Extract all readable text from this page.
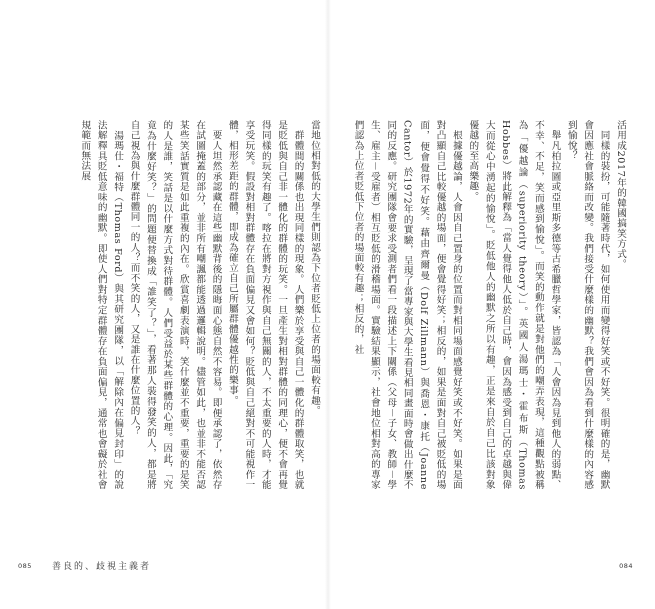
當地位相對低的大學生們則認為下位者貶低上位者的場面較有趣。
　群體間的關係也出現同樣的現象。人們樂於享受與自己一體化的群體取笑，也就是貶低與自己非一體化的群體的玩笑。一旦產生對相對群體的同理心，便不會再覺得同樣的玩笑有趣了。喀拉在將對方視作與自己無關的人，不太重要的人時，才能享受玩笑。假設對相對群體存在負面偏見又會如何？貶低與自己絕對不可能視作一體，相形差距的群體，即成為確立自己所屬群體優越性的樂事。
　要人坦然承認藏在這些幽默背後的隱晦面心態自然不容易。即便承認了，依然存在試圖掩蓋的部分，並非所有嘲諷都能透過邏輯說明。儘管如此，也並非不能否認某些笑話實質是如此重複的內在。欣賞喜劇表演時，笑什麼並不重要，重要的是笑的人是誰，笑話是以什麼方式對待群體。人們受益於某些群體的心理。因此，「究竟為什麼好笑？」的問題便替換成「誰笑了？」，看著那人裝得發笑的人，都是將自己視為與什麼群體同一的人？而不笑的人，又是誰在什麼位置的人？
　湯瑪仕・福特（Thomas Ford）與其研究團隊，以「解除內在偏見封印」的說法解釋具貶低意味的幽默。即使人們對特定群體存在負面偏見，通常也會礙於社會規範而無法展

085 善良的、歧視主義者

活用成2017年的韓國搞笑方式。
　同樣的裝扮，可能隨著時代，如何使用而變得好笑或不好笑。很明確的是，幽默會因應社會脈絡而改變。我們接受什麼樣的幽默？我們會因為看到什麼樣的內容感到愉悅？
　舉凡柏拉圖或亞里斯多德等古希臘哲學家，皆認為「人會因為見到他人的弱點、不幸、不足，笑而感到愉悅」。而笑的動作就是對他們的嘲弄表現，這種觀點被稱為「優越論（superiority theory）」。英國人湯瑪士・霍布斯（Thomas Hobbes）將此解釋為「當人覺得他人低於自己時，會因為感受到自己的卓越與偉大而從心中湧起的愉悅」。貶低他人的幽默之所以有趣，正是來自於自己比該對象優越的至高樂趣。
　根據優越論，人會因自己置身的位置而對相同場面感覺好笑或不好笑。如果是面對凸顯自己比較優越的場面，便會覺得好笑；相反的，如果是面對自己被貶低的場面，便會覺得不好笑。藉由齊爾曼（Dolf Zillmann）與喬恩・康托（Joanne Cantor）於1972年的實驗，呈現了當專家與大學生看見相同畫面時會做出什麼不同的反應。研究團隊會要求受測者們看一段描述上下關係（父母－子女、教師－學生、雇主－受雇者）相互貶低的滑稽場面。實驗結果顯示，社會地位相對高的專家們認為上位者貶低下位者的場面較有趣；相反的，社

084
